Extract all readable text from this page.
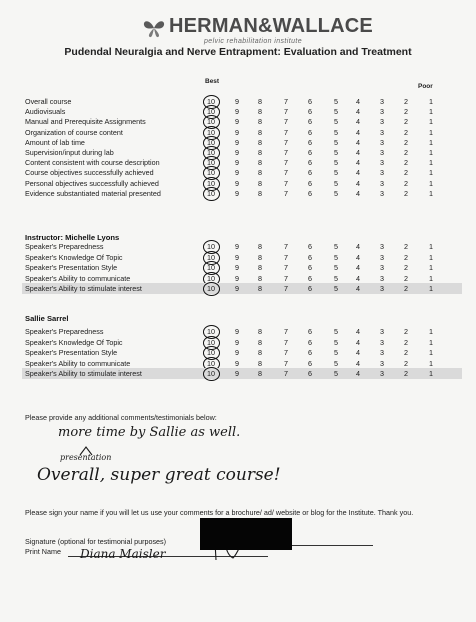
HERMAN&WALLACE
pelvic rehabilitation institute
Pudendal Neuralgia and Nerve Entrapment: Evaluation and Treatment
Best
Poor
Overall course	10	9	8	7	6	5	4	3	2	1
Audiovisuals	10	9	8	7	6	5	4	3	2	1
Manual and Prerequisite Assignments	10	9	8	7	6	5	4	3	2	1
Organization of course content	10	9	8	7	6	5	4	3	2	1
Amount of lab time	10	9	8	7	6	5	4	3	2	1
Supervision/input during lab	10	9	8	7	6	5	4	3	2	1
Content consistent with course description	10	9	8	7	6	5	4	3	2	1
Course objectives successfully achieved	10	9	8	7	6	5	4	3	2	1
Personal objectives successfully achieved	10	9	8	7	6	5	4	3	2	1
Evidence substantiated material presented	10	9	8	7	6	5	4	3	2	1
Speaker's Preparedness	10	9	8	7	6	5	4	3	2	1
Speaker's Knowledge Of Topic	10	9	8	7	6	5	4	3	2	1
Speaker's Presentation Style	10	9	8	7	6	5	4	3	2	1
Speaker's Ability to communicate	10	9	8	7	6	5	4	3	2	1
Speaker's Ability to stimulate interest	10	9	8	7	6	5	4	3	2	1
Speaker's Preparedness	10	9	8	7	6	5	4	3	2	1
Speaker's Knowledge Of Topic	10	9	8	7	6	5	4	3	2	1
Speaker's Presentation Style	10	9	8	7	6	5	4	3	2	1
Speaker's Ability to communicate	10	9	8	7	6	5	4	3	2	1
Speaker's Ability to stimulate interest	10	9	8	7	6	5	4	3	2	1
Instructor: Michelle Lyons
Sallie Sarrel
Please provide any additional comments/testimonials below:
more time by Sallie as well.
presentation
Overall, super great course!
Please sign your name if you will let us use your comments for a brochure/ ad/ website or blog for the Institute. Thank you.
Signature (optional for testimonial purposes)
Print Name Diana Maisler
